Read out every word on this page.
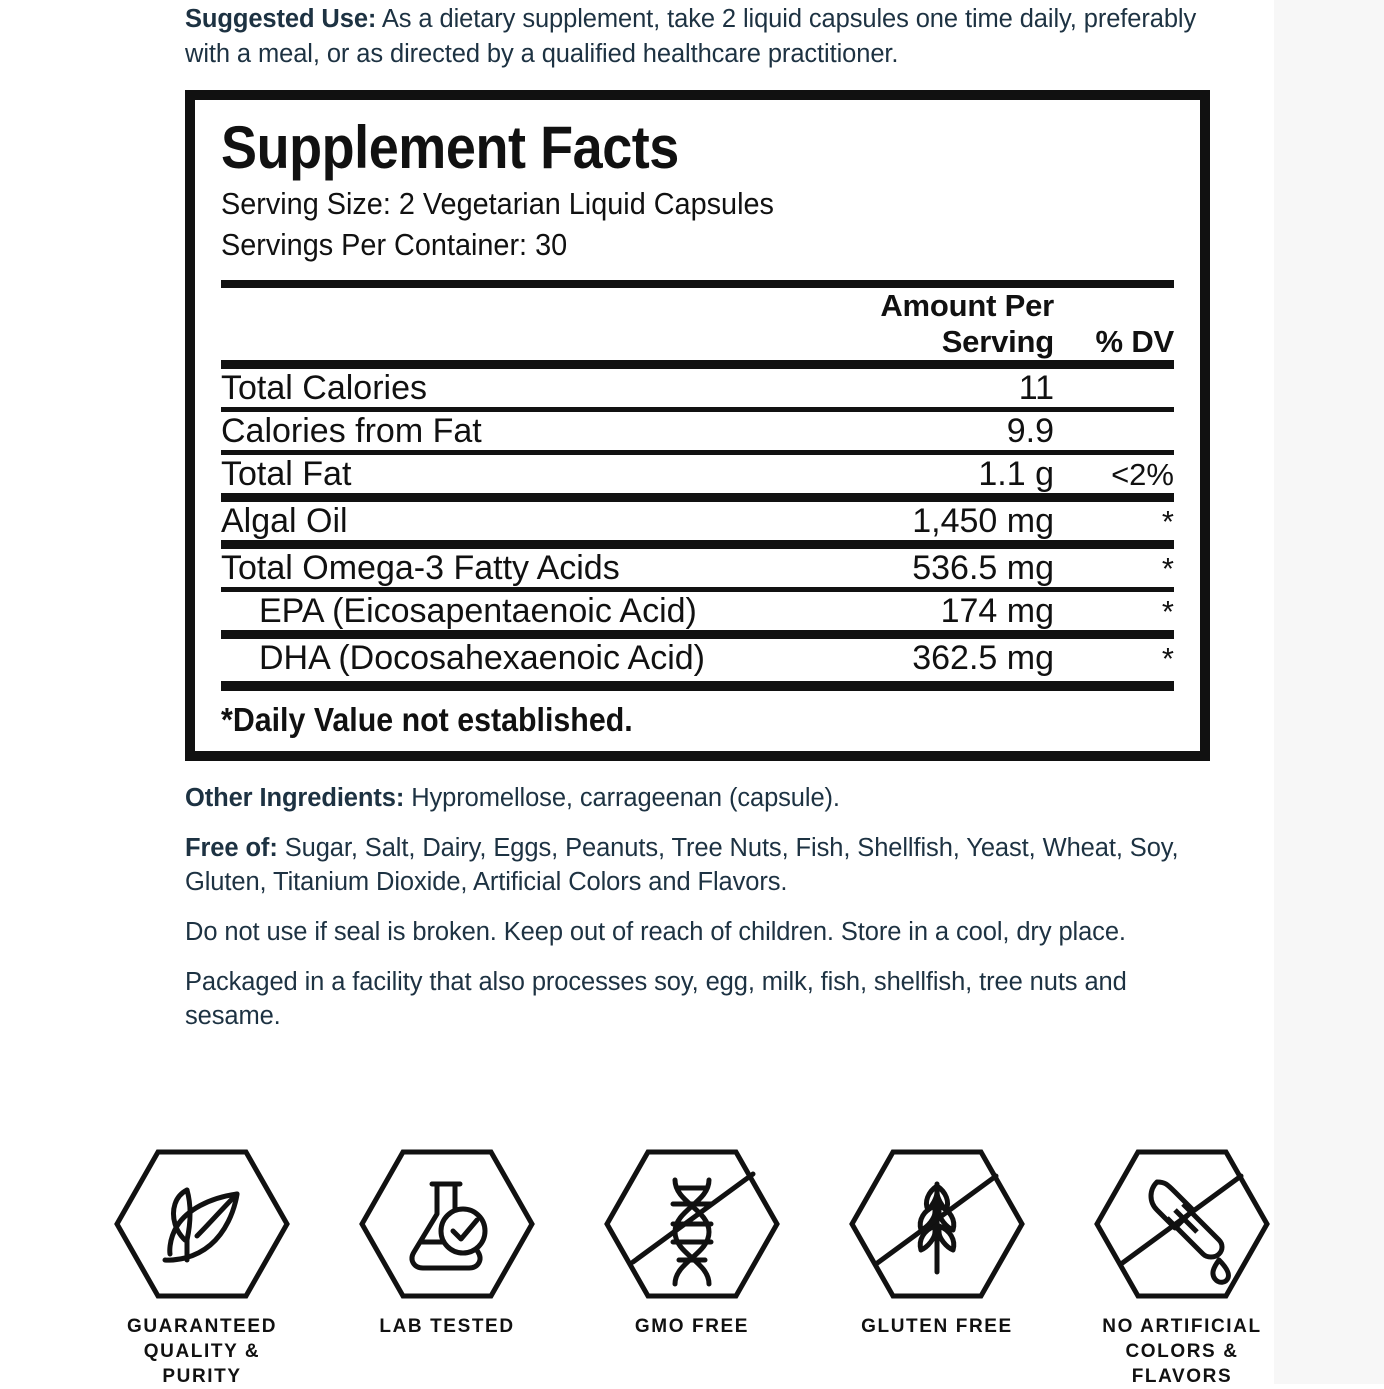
Suggested Use: As a dietary supplement, take 2 liquid capsules one time daily, preferably with a meal, or as directed by a qualified healthcare practitioner.

Supplement Facts
Serving Size: 2 Vegetarian Liquid Capsules
Servings Per Container: 30
	Amount Per Serving	% DV

Total Calories	11	

Calories from Fat	9.9	

Total Fat	1.1 g	<2%

Algal Oil	1,450 mg	*

Total Omega-3 Fatty Acids	536.5 mg	*

EPA (Eicosapentaenoic Acid)	174 mg	*

DHA (Docosahexaenoic Acid)	362.5 mg	*
*Daily Value not established.

Other Ingredients: Hypromellose, carrageenan (capsule).

Free of: Sugar, Salt, Dairy, Eggs, Peanuts, Tree Nuts, Fish, Shellfish, Yeast, Wheat, Soy, Gluten, Titanium Dioxide, Artificial Colors and Flavors.

Do not use if seal is broken. Keep out of reach of children. Store in a cool, dry place.

Packaged in a facility that also processes soy, egg, milk, fish, shellfish, tree nuts and sesame.

GUARANTEED
QUALITY & PURITY
LAB TESTED	GMO FREE	GLUTEN FREE	NO ARTIFICIAL
COLORS & FLAVORS
